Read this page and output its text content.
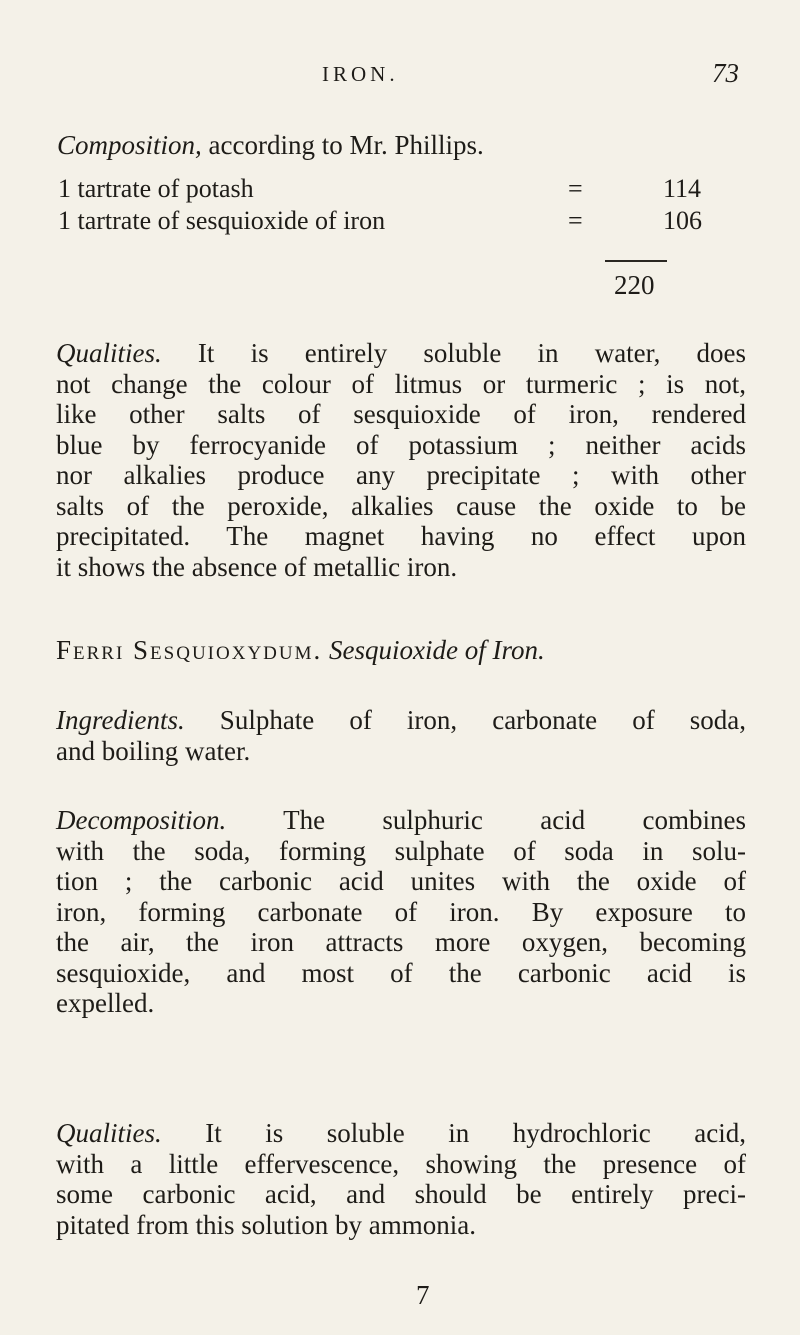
IRON.	73
Composition, according to Mr. Phillips.
1 tartrate of potash	=	114
1 tartrate of sesquioxide of iron	=	106
220
Qualities. It is entirely soluble in water, does
not change the colour of litmus or turmeric ; is not,
like other salts of sesquioxide of iron, rendered
blue by ferrocyanide of potassium ; neither acids
nor alkalies produce any precipitate ; with other
salts of the peroxide, alkalies cause the oxide to be
precipitated. The magnet having no effect upon
it shows the absence of metallic iron.
Ferri Sesquioxydum. Sesquioxide of Iron.
Ingredients. Sulphate of iron, carbonate of soda,
and boiling water.
Decomposition. The sulphuric acid combines
with the soda, forming sulphate of soda in solu-
tion ; the carbonic acid unites with the oxide of
iron, forming carbonate of iron. By exposure to
the air, the iron attracts more oxygen, becoming
sesquioxide, and most of the carbonic acid is
expelled.
Qualities. It is soluble in hydrochloric acid,
with a little effervescence, showing the presence of
some carbonic acid, and should be entirely preci-
pitated from this solution by ammonia.
7
